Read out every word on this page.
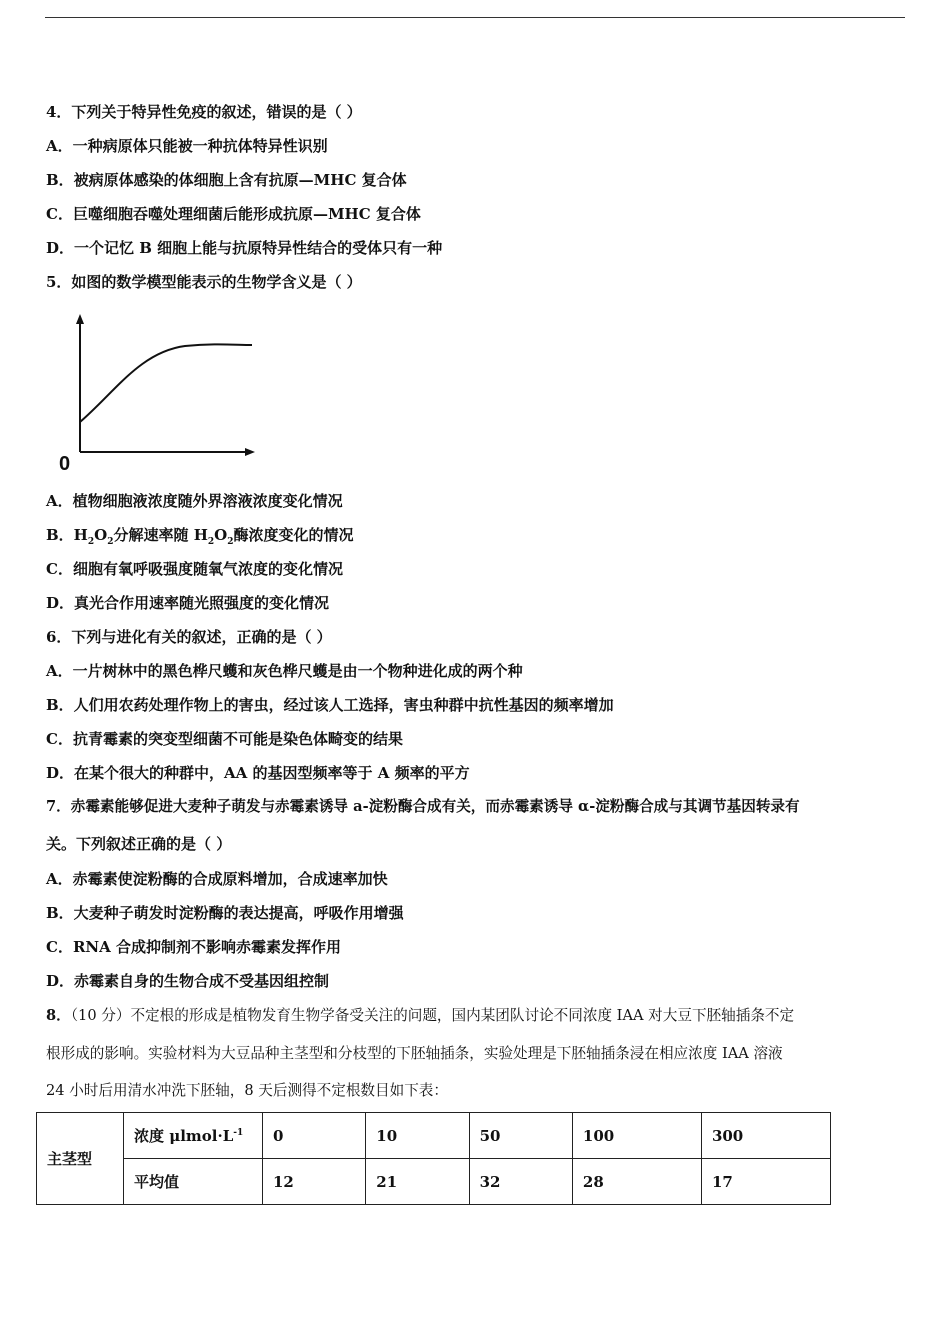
4．下列关于特异性免疫的叙述，错误的是（ ）
A．一种病原体只能被一种抗体特异性识别
B．被病原体感染的体细胞上含有抗原—MHC 复合体
C．巨噬细胞吞噬处理细菌后能形成抗原—MHC 复合体
D．一个记忆 B 细胞上能与抗原特异性结合的受体只有一种
5．如图的数学模型能表示的生物学含义是（ ）
0
A．植物细胞液浓度随外界溶液浓度变化情况
B．$H_2O_2$分解速率随 $H_2O_2$酶浓度变化的情况
C．细胞有氧呼吸强度随氧气浓度的变化情况
D．真光合作用速率随光照强度的变化情况
6．下列与进化有关的叙述，正确的是（ ）
A．一片树林中的黑色桦尺蠖和灰色桦尺蠖是由一个物种进化成的两个种
B．人们用农药处理作物上的害虫，经过该人工选择，害虫种群中抗性基因的频率增加
C．抗青霉素的突变型细菌不可能是染色体畸变的结果
D．在某个很大的种群中，AA 的基因型频率等于 A 频率的平方
7．赤霉素能够促进大麦种子萌发与赤霉素诱导 a-淀粉酶合成有关，而赤霉素诱导 α-淀粉酶合成与其调节基因转录有
关。下列叙述正确的是（ ）
A．赤霉素使淀粉酶的合成原料增加，合成速率加快
B．大麦种子萌发时淀粉酶的表达提高，呼吸作用增强
C．RNA 合成抑制剂不影响赤霉素发挥作用
D．赤霉素自身的生物合成不受基因组控制
8．（10 分）不定根的形成是植物发育生物学备受关注的问题，国内某团队讨论不同浓度 IAA 对大豆下胚轴插条不定
根形成的影响。实验材料为大豆品种主茎型和分枝型的下胚轴插条，实验处理是下胚轴插条浸在相应浓度 IAA 溶液
24 小时后用清水冲洗下胚轴，8 天后测得不定根数目如下表：
主茎型	浓度 $\mu lmol\cdot L^{-1}$	0	10	50	100	300
	平均值	12	21	32	28	17
